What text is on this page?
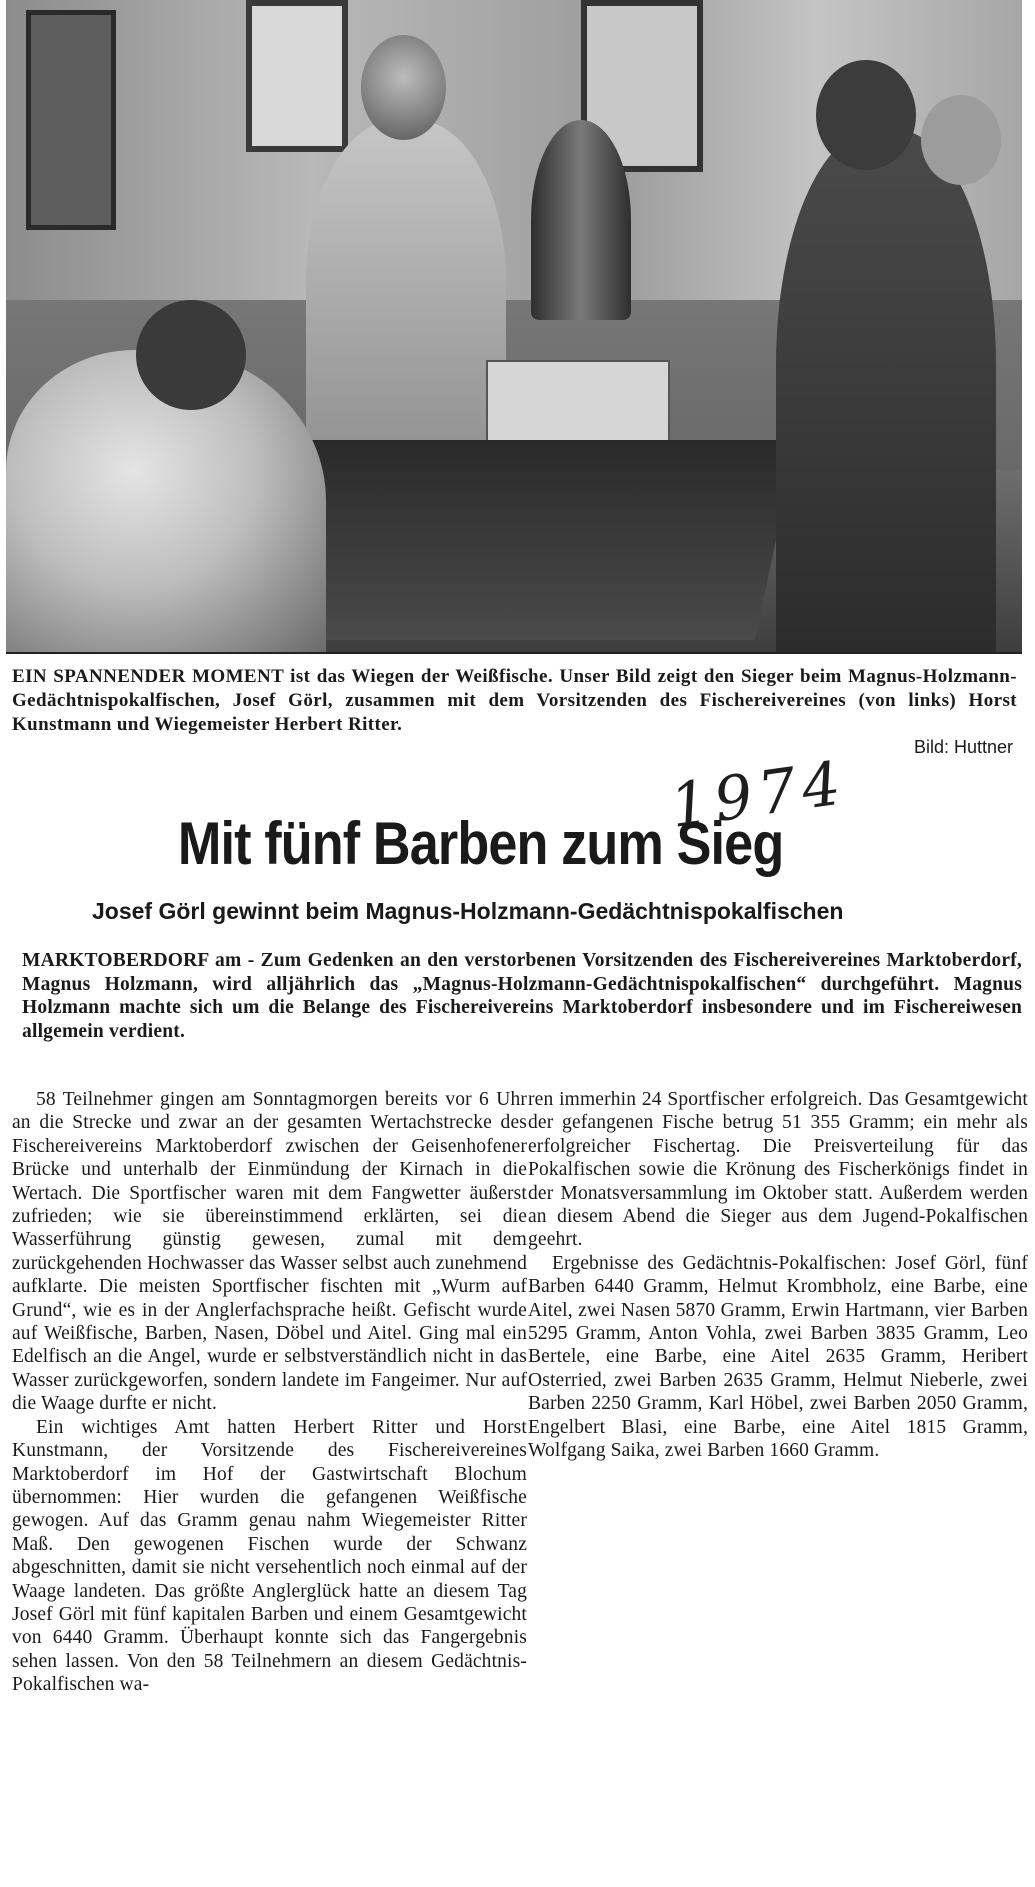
EIN SPANNENDER MOMENT ist das Wiegen der Weißfische. Unser Bild zeigt den Sieger beim Magnus-Holzmann-Gedächtnispokalfischen, Josef Görl, zusammen mit dem Vorsitzenden des Fischereivereines (von links) Horst Kunstmann und Wiegemeister Herbert Ritter.

Bild: Huttner

1974

Mit fünf Barben zum Sieg
Josef Görl gewinnt beim Magnus-Holzmann-Gedächtnispokalfischen

MARKTOBERDORF am - Zum Gedenken an den verstorbenen Vorsitzenden des Fischereivereines Marktoberdorf, Magnus Holzmann, wird alljährlich das „Magnus-Holzmann-Gedächtnispokalfischen“ durchgeführt. Magnus Holzmann machte sich um die Belange des Fischereivereins Marktoberdorf insbesondere und im Fischereiwesen allgemein verdient.

58 Teilnehmer gingen am Sonntagmorgen bereits vor 6 Uhr an die Strecke und zwar an der gesamten Wertachstrecke des Fischereivereins Marktoberdorf zwischen der Geisenhofener Brücke und unterhalb der Einmündung der Kirnach in die Wertach. Die Sportfischer waren mit dem Fangwetter äußerst zufrieden; wie sie übereinstimmend erklärten, sei die Wasserführung günstig gewesen, zumal mit dem zurückgehenden Hochwasser das Wasser selbst auch zunehmend aufklarte. Die meisten Sportfischer fischten mit „Wurm auf Grund“, wie es in der Anglerfachsprache heißt. Gefischt wurde auf Weißfische, Barben, Nasen, Döbel und Aitel. Ging mal ein Edelfisch an die Angel, wurde er selbstverständlich nicht in das Wasser zurückgeworfen, sondern landete im Fangeimer. Nur auf die Waage durfte er nicht.

Ein wichtiges Amt hatten Herbert Ritter und Horst Kunstmann, der Vorsitzende des Fischereivereines Marktoberdorf im Hof der Gastwirtschaft Blochum übernommen: Hier wurden die gefangenen Weißfische gewogen. Auf das Gramm genau nahm Wiegemeister Ritter Maß. Den gewogenen Fischen wurde der Schwanz abgeschnitten, damit sie nicht versehentlich noch einmal auf der Waage landeten. Das größte Anglerglück hatte an diesem Tag Josef Görl mit fünf kapitalen Barben und einem Gesamtgewicht von 6440 Gramm. Überhaupt konnte sich das Fangergebnis sehen lassen. Von den 58 Teilnehmern an diesem Gedächtnis-Pokalfischen wa-

ren immerhin 24 Sportfischer erfolgreich. Das Gesamtgewicht der gefangenen Fische betrug 51 355 Gramm; ein mehr als erfolgreicher Fischertag. Die Preisverteilung für das Pokalfischen sowie die Krönung des Fischerkönigs findet in der Monatsversammlung im Oktober statt. Außerdem werden an diesem Abend die Sieger aus dem Jugend-Pokalfischen geehrt.

Ergebnisse des Gedächtnis-Pokalfischen: Josef Görl, fünf Barben 6440 Gramm, Helmut Krombholz, eine Barbe, eine Aitel, zwei Nasen 5870 Gramm, Erwin Hartmann, vier Barben 5295 Gramm, Anton Vohla, zwei Barben 3835 Gramm, Leo Bertele, eine Barbe, eine Aitel 2635 Gramm, Heribert Osterried, zwei Barben 2635 Gramm, Helmut Nieberle, zwei Barben 2250 Gramm, Karl Höbel, zwei Barben 2050 Gramm, Engelbert Blasi, eine Barbe, eine Aitel 1815 Gramm, Wolfgang Saika, zwei Barben 1660 Gramm.
